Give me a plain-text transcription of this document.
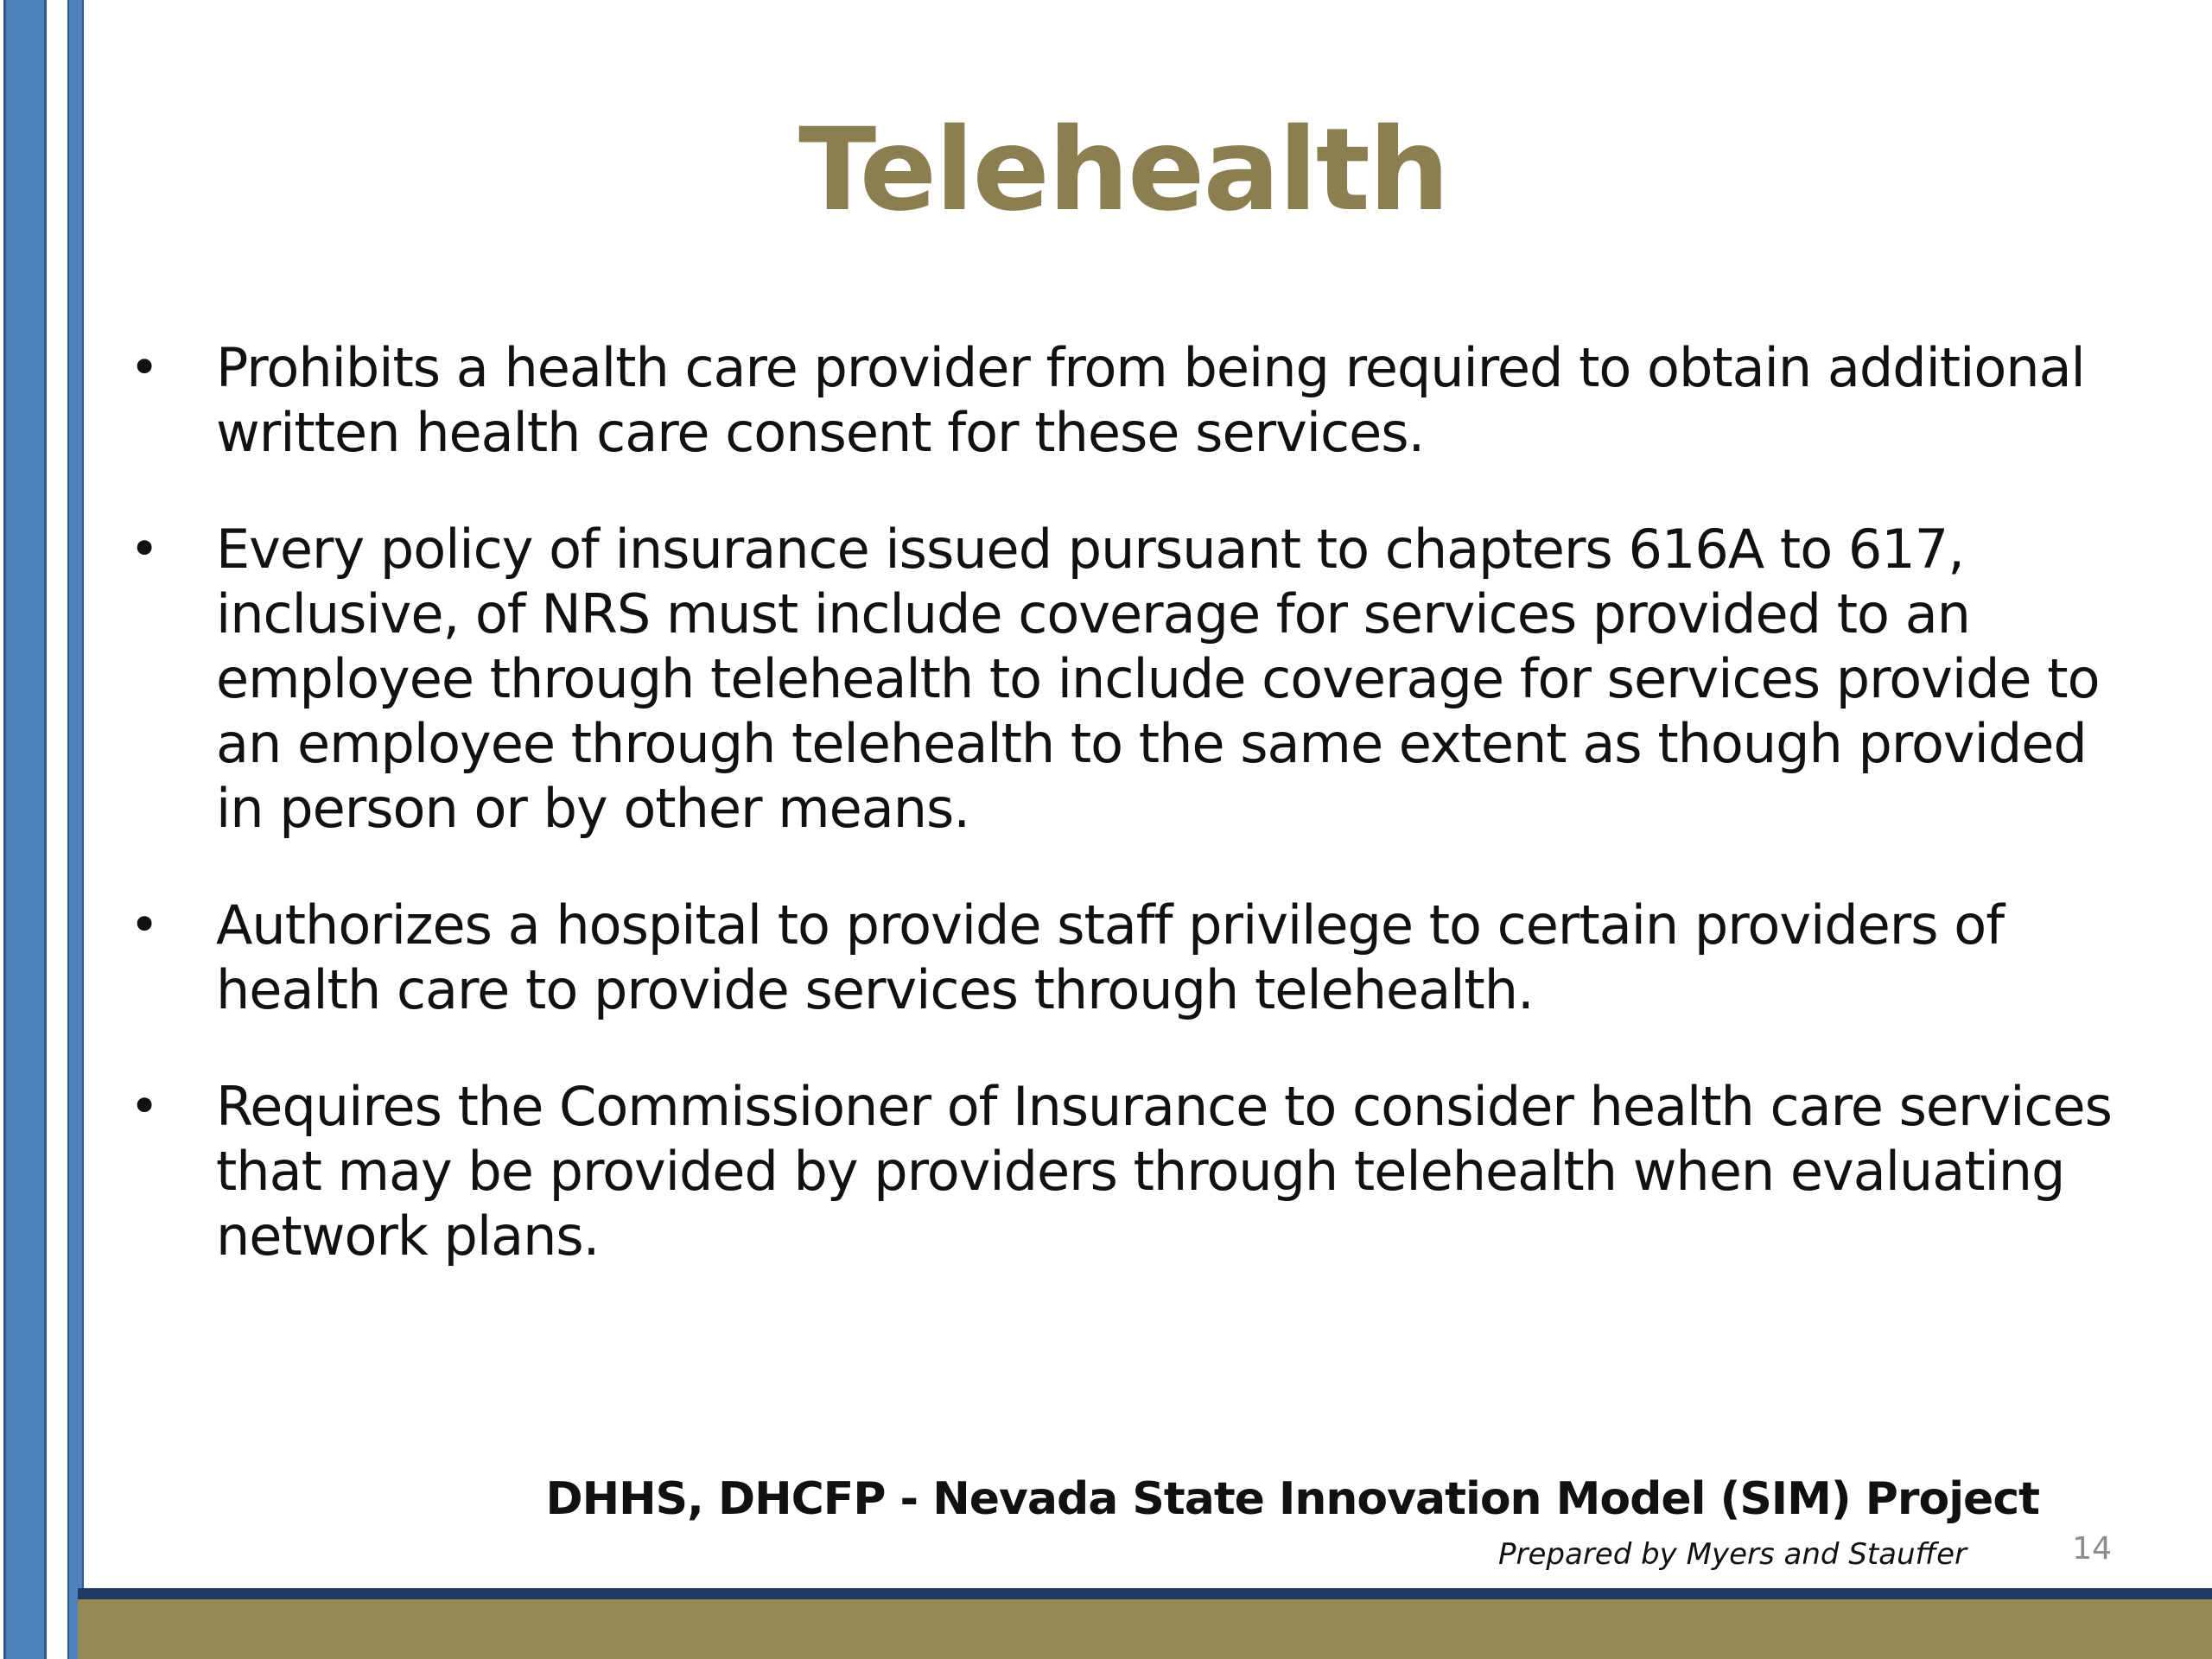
Telehealth
• Prohibits a health care provider from being required to obtain additional written health care consent for these services.
• Every policy of insurance issued pursuant to chapters 616A to 617, inclusive, of NRS must include coverage for services provided to an employee through telehealth to include coverage for services provide to an employee through telehealth to the same extent as though provided in person or by other means.
• Authorizes a hospital to provide staff privilege to certain providers of health care to provide services through telehealth.
• Requires the Commissioner of Insurance to consider health care services that may be provided by providers through telehealth when evaluating network plans.
DHHS, DHCFP - Nevada State Innovation Model (SIM) Project
Prepared by Myers and Stauffer	14
